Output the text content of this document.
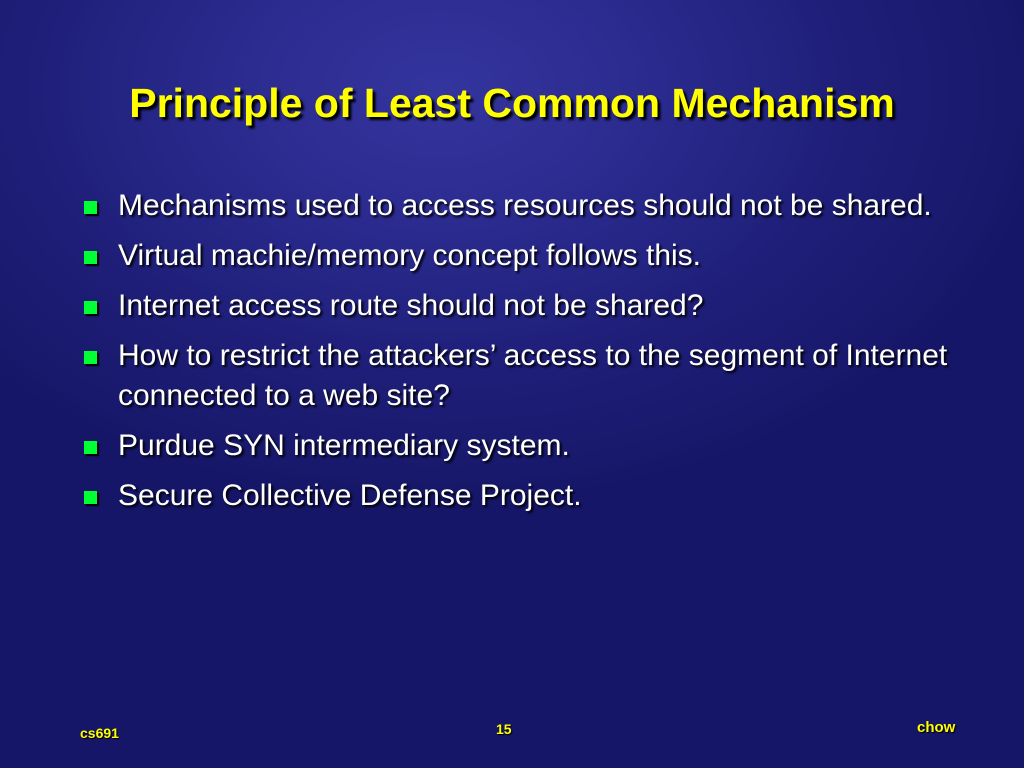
Principle of Least Common Mechanism
Mechanisms used to access resources should not be shared.
Virtual machie/memory concept follows this.
Internet access route should not be shared?
How to restrict the attackers’ access to the segment of Internet connected to a web site?
Purdue SYN intermediary system.
Secure Collective Defense Project.
cs691	15	chow
